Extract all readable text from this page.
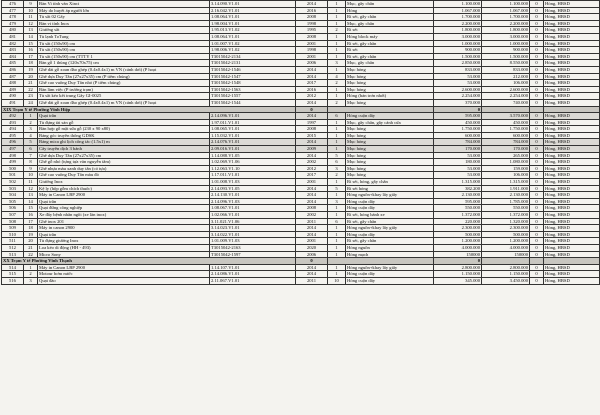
476	9	Bàn Vi tính văn Xinci	3.14.090.V1.01	2014	1	Mục, gãy chân	1.100.000	1.100.000	0	Hỏng, HBSD
477	10	Máy do huyết áp người lớn	2.16.042.V1.01	2016	1	Hỏng	1.067.000	1.067.000	0	Hỏng, HBSD
478	11	Tủ sắt 02 Gấy	1.08.064.V1.01	2008	1	Rỉ sét, gãy chân	1.700.000	1.700.000	0	Hỏng, HBSD
479	12	Bàn vi tính Inox	1.98.004.V1.01	1998	1	Mục, gãy chân	2.200.000	2.200.000	0	Hỏng, HBSD
480	13	Giường sắt	1.95.013.V1.02	1995	2	Rỉ sét	1.800.000	1.800.000	0	Hỏng, HBSD
481	14	Tủ lạnh ToTung	1.08.064.V1.01	2008	1	Hỏng block máy	3.000.000	3.000.000	0	Hỏng, HBSD
482	15	Tủ sắt (150x90) cm	1.01.007.V1.02	2001	1	Rỉ sét, gãy chân	1.000.000	1.000.000	0	Hỏng, HBSD
483	16	Tủ sắt (150x90) cm	1.98.006.V1.02	1998	1	Rỉ sét	900.000	900.000	0	Hỏng, HBSD
484	17	Tủ sắt (150x90) cm (TTTY 1	T3015042-2134	2001	1	Rỉ sét, gãy chân	1.500.000	1.500.000	0	Hỏng, HBSD
485	18	Bàn gỗ 1 thùng (120x70x75) cm	T3015042-2131	2006	3	Mục, gãy chân	2.850.000	8.550.000	0	Hỏng, HBSD
486	19	Ghế dài gỗ xoan đào ghép (0.4x0.4x1) m VN (cánh dơi) (P hoạt	T3015042-1546	2014	1	Mục hỏng	833.000	833.000	0	Hỏng, HBSD
487	20	Ghế dựa Duy Tân (27x27x35) cm (P tiêm chủng)	T3015042-1547	2014	4	Mục hỏng	53.000	212.000	0	Hỏng, HBSD
488	21	Ghế cao vuông Duy Tân nhỏ (P tiêm chủng)	T3015042-1548	2017	2	Mục hỏng	53.000	106.000	0	Hỏng, HBSD
489	22	Bàn làm việc (P trưởng trạm)	T3015042-1563	2016	1	Mục hỏng	2.600.000	2.600.000	0	Hỏng, HBSD
490	23	Tủ sắt kéo kết trung Gây GI-0025	T3015042-1557	2012	1	Hỏng (bản trơn nhớt)	2.254.000	2.254.000	0	Hỏng, HBSD
491	24	Ghế dài gỗ xoan đào ghép (0.4x0.4x1) m VN (cánh dơi) (P hoạt	T3015042-1544	2014	2	Mục hỏng	370.000	740.000	0	Hỏng, HBSD
XIX Trạm Y tế Phường Vĩnh Hiệp				0			0			
492	1	Quạt trần	2.14.096.V1.01	2014	6	Hỏng cuộn dây	595.000	3.570.000	0	Hỏng, HBSD
493	2	Tủ đựng tài sản gỗ	1.97.011.V1.01	1997	1	Mục, gãy chân, gãy cánh cửa	450.000	450.000	0	Hỏng, HBSD
494	3	Bàn hợp gỗ mặt sứa gỗ (230 x 90 x80)	1.08.065.V1.01	2008	1	Mục hỏng	1.750.000	1.750.000	0	Hỏng, HBSD
495	4	Bảng góc truyền thông GDSK	1.15.032.V1.01	2015	1	Mục hỏng	600.000	600.000	0	Hỏng, HBSD
496	5	Bảng mica ghi lịch công tác (1.5x1) m	2.14.076.V1.01	2014	1	Mục hỏng	784.000	784.000	0	Hỏng, HBSD
497	6	Cây truyền dịch 3 bánh	2.09.016.V1.01	2009	1	Mục hỏng	170.000	170.000	0	Hỏng, HBSD
498	7	Ghế dựa Duy Tân (27x27x35) cm	1.14.088.V1.05	2014	5	Mục hỏng	53.000	265.000	0	Hỏng, HBSD
499	8	Ghế gỗ nhỏ (tựng tựa văn nguyễn tâm)	1.02.069.V1.06	2002	6	Mục hỏng	180.000	1.080.000	0	Hỏng, HBSD
500	9	Ghế nhựa màu xanh duy tân (có tựa)	1.12.063.V1.10	2012	3	Mục hỏng	53.000	159.000	0	Hỏng, HBSD
501	10	Ghế cao vuông Duy Tân màu đỏ	1.17.011.V1.01	2017	2	Mục hỏng	53.000	106.000	0	Hỏng, HBSD
502	11	Giường Inox	1.01.008.V1.03	2001	1	Rỉ sét, hỏng, gãy chân	1.315.000	1.315.000	0	Hỏng, HBSD
503	12	Kệ ly (hộp gỗm chích thuốc)	2.14.093.V1.05	2014	5	Rỉ sét hỏng	382.200	1.911.000	0	Hỏng, HBSD
504	13	Máy in Canon LBP 2900	2.14.130.V1.01	2014	1	Hỏng nguồn+khay lấy giấy	2.130.000	2.130.000	0	Hỏng, HBSD
505	14	Quạt trần	2.14.096.V1.03	2014	3	Hỏng cuộn dây	595.000	1.785.000	0	Hỏng, HBSD
506	15	Quạt đứng công nghiệp	1.08.067.V1.01	2008	1	Hỏng cuộn dây	550.000	550.000	0	Hỏng, HBSD
507	16	Xe đẩy bệnh nhân ngồi (xe lăn inox)	1.02.066.V1.01	2002	1	Rỉ sét, hỏng bánh xe	1.372.000	1.372.000	0	Hỏng, HBSD
508	17	Ghế inox 201	3.11.021.V1.06	2011	6	Rỉ sét, gãy chân	220.000	1.320.000	0	Hỏng, HBSD
509	18	Máy in canon 2900	3.14.023.V1.01	2014	1	Hỏng nguồn+khay lấy giấy	2.300.000	2.300.000	0	Hỏng, HBSD
510	19	Quạt trần	3.14.022.V1.01	2014	1	Hỏng cuộn dây	500.000	500.000	0	Hỏng, HBSD
511	20	Tủ đựng giường Inox	1.01.009.V1.03	2001	1	Rỉ sét, gãy chân	1.200.000	1.200.000	0	Hỏng, HBSD
512	21	Loa kéo di động (HH - 493)	T3015042-2163	2020	1	Hỏng nguồn	4.000.000	4.000.000	0	Hỏng, HBSD
513	22	Micro Sony	T3015042-1597	2006	1	Hỏng mạch	150000	150000	0	Hỏng, HBSD
XX Trạm Y tế Phường Vĩnh Thạnh				0			0			
514	1	Máy in Canon LBP 2900	1.14.107.V1.01	2014	1	Hỏng nguồn+khay lấy giấy	2.800.000	2.800.000	0	Hỏng, HBSD
515	2	Motour bơm nước	2.14.086.V1.01	2014	1	Hỏng cuộn dây	1.150.000	1.150.000	0	Hỏng, HBSD
516	3	Quạt đảo	2.11.067.V1.01	2011	10	Hỏng cuộn dây	345.000	3.450.000	0	Hỏng, HBSD
